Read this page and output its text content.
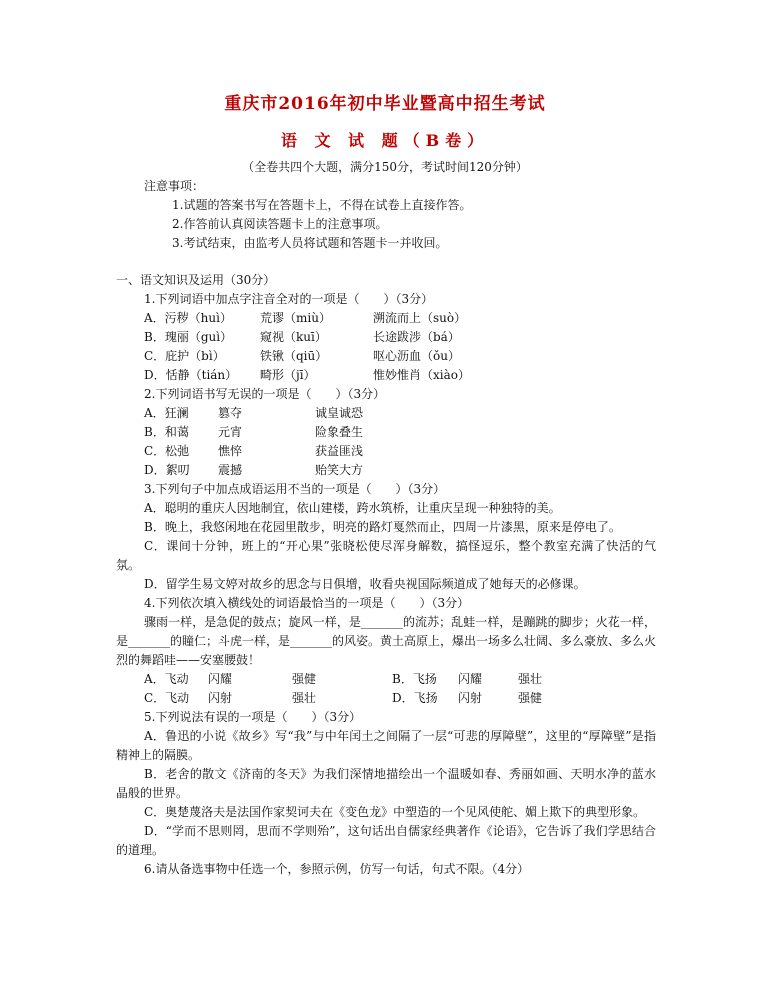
重庆市2016年初中毕业暨高中招生考试
语 文 试 题（B卷）
（全卷共四个大题，满分150分，考试时间120分钟）
注意事项：
1.试题的答案书写在答题卡上，不得在试卷上直接作答。
2.作答前认真阅读答题卡上的注意事项。
3.考试结束，由监考人员将试题和答题卡一并收回。
一、语文知识及运用（30分）
1.下列词语中加点字注音全对的一项是（　　）（3分）
A．污秽（huì）	荒谬（miù）	溯流而上（suò）
B．瑰丽（guì）	窥视（kuī）	长途跋涉（bá）
C．庇护（bì）	铁锹（qiū）	呕心沥血（ǒu）
D．恬静（tián）	畸形（jī）	惟妙惟肖（xiào）
2.下列词语书写无误的一项是（　　）（3分）
A．狂澜	篡夺	诚皇诚恐
B．和蔼	元宵	险象叠生
C．松弛	憔悴	获益匪浅
D．絮叨	震撼	贻笑大方
3.下列句子中加点成语运用不当的一项是（　　）（3分）
A．聪明的重庆人因地制宜，依山建楼，跨水筑桥，让重庆呈现一种独特的美。
B．晚上，我悠闲地在花园里散步，明亮的路灯戛然而止，四周一片漆黑，原来是停电了。
C．课间十分钟，班上的“开心果”张晓松使尽浑身解数，搞怪逗乐，整个教室充满了快活的气氛。
D．留学生易文婷对故乡的思念与日俱增，收看央视国际频道成了她每天的必修课。
4.下列依次填入横线处的词语最恰当的一项是（　　）（3分）
骤雨一样，是急促的鼓点；旋风一样，是_______的流苏；乱蛙一样，是蹦跳的脚步；火花一样，是_______的瞳仁；斗虎一样，是_______的风姿。黄土高原上，爆出一场多么壮阔、多么豪放、多么火烈的舞蹈哇——安塞腰鼓！
A．飞动	闪耀	强健	B．飞扬	闪耀	强壮
C．飞动	闪射	强壮	D．飞扬	闪射	强健
5.下列说法有误的一项是（　　）（3分）
A．鲁迅的小说《故乡》写“我”与中年闰土之间隔了一层“可悲的厚障壁”，这里的“厚障壁”是指精神上的隔膜。
B．老舍的散文《济南的冬天》为我们深情地描绘出一个温暖如春、秀丽如画、天明水净的蓝水晶般的世界。
C．奥楚蔑洛夫是法国作家契诃夫在《变色龙》中塑造的一个见风使舵、媚上欺下的典型形象。
D．“学而不思则罔，思而不学则殆”，这句话出自儒家经典著作《论语》，它告诉了我们学思结合的道理。
6.请从备选事物中任选一个，参照示例，仿写一句话，句式不限。（4分）
